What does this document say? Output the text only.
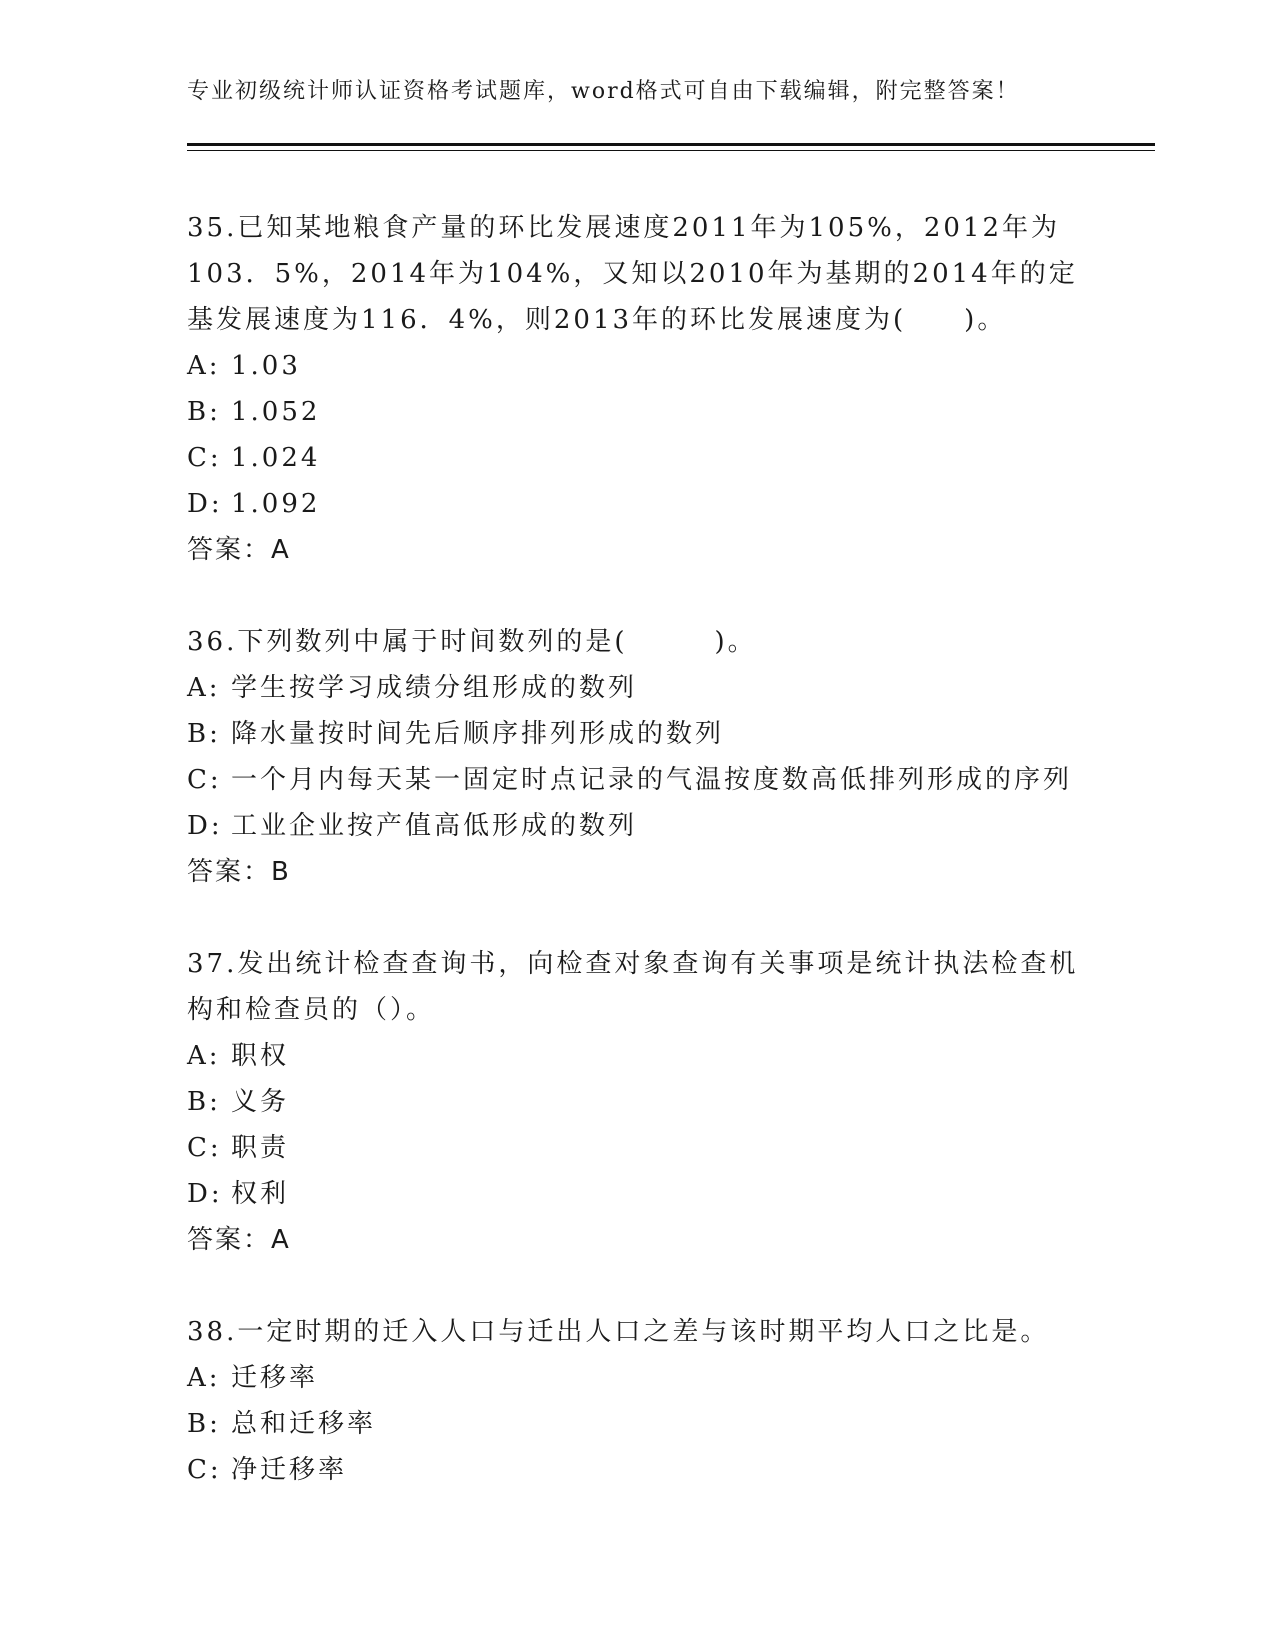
专业初级统计师认证资格考试题库，word格式可自由下载编辑，附完整答案！

35.已知某地粮食产量的环比发展速度2011年为105%，2012年为103．5%，2014年为104%，又知以2010年为基期的2014年的定基发展速度为116．4%，则2013年的环比发展速度为(　　)。

A: 1.03
B: 1.052
C: 1.024
D: 1.092
答案：A

36.下列数列中属于时间数列的是(　　　)。

A: 学生按学习成绩分组形成的数列
B: 降水量按时间先后顺序排列形成的数列
C: 一个月内每天某一固定时点记录的气温按度数高低排列形成的序列
D: 工业企业按产值高低形成的数列
答案：B

37.发出统计检查查询书，向检查对象查询有关事项是统计执法检查机构和检查员的（）。

A: 职权
B: 义务
C: 职责
D: 权利
答案：A

38.一定时期的迁入人口与迁出人口之差与该时期平均人口之比是。

A: 迁移率
B: 总和迁移率
C: 净迁移率
